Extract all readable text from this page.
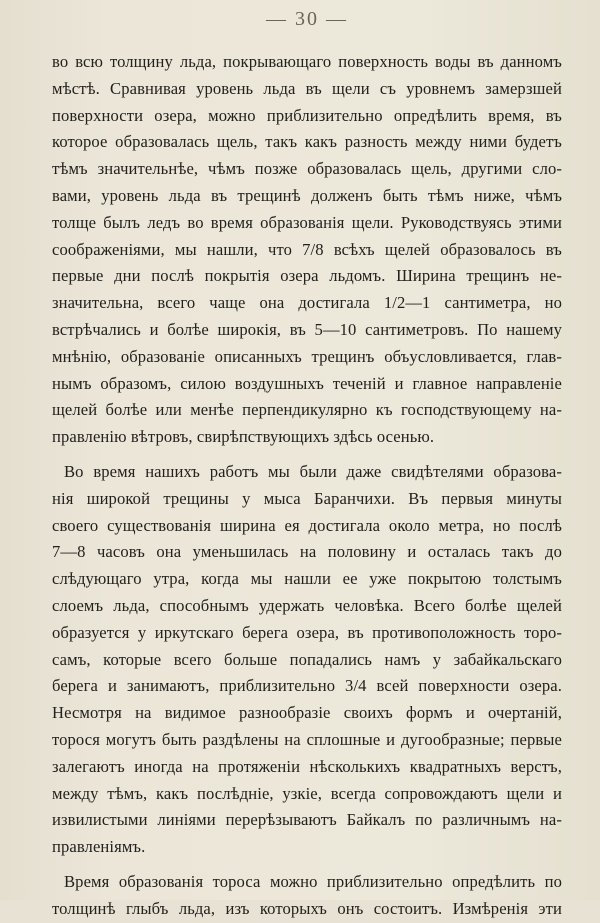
— 30 —
во всю толщину льда, покрывающаго поверхность воды въ данномъ
мѣстѣ. Сравнивая уровень льда въ щели съ уровнемъ замерзшей
поверхности озера, можно приблизительно опредѣлить время, въ
которое образовалась щель, такъ какъ разность между ними будетъ
тѣмъ значительнѣе, чѣмъ позже образовалась щель, другими сло-
вами, уровень льда въ трещинѣ долженъ быть тѣмъ ниже, чѣмъ
толще былъ ледъ во время образованія щели. Руководствуясь этими
соображеніями, мы нашли, что 7/8 всѣхъ щелей образовалось въ
первые дни послѣ покрытія озера льдомъ. Ширина трещинъ не-
значительна, всего чаще она достигала 1/2—1 сантиметра, но
встрѣчались и болѣе широкія, въ 5—10 сантиметровъ. По нашему
мнѣнію, образованіе описанныхъ трещинъ объусловливается, глав-
нымъ образомъ, силою воздушныхъ теченій и главное направленіе
щелей болѣе или менѣе перпендикулярно къ господствующему на-
правленію вѣтровъ, свирѣпствующихъ здѣсь осенью.
Во время нашихъ работъ мы были даже свидѣтелями образова-
нія широкой трещины у мыса Баранчихи. Въ первыя минуты
своего существованія ширина ея достигала около метра, но послѣ
7—8 часовъ она уменьшилась на половину и осталась такъ до
слѣдующаго утра, когда мы нашли ее уже покрытою толстымъ
слоемъ льда, способнымъ удержать человѣка. Всего болѣе щелей
образуется у иркутскаго берега озера, въ противоположность торо-
самъ, которые всего больше попадались намъ у забайкальскаго
берега и занимаютъ, приблизительно 3/4 всей поверхности озера.
Несмотря на видимое разнообразіе своихъ формъ и очертаній,
торося могутъ быть раздѣлены на сплошные и дугообразные; первые
залегаютъ иногда на протяженіи нѣсколькихъ квадратныхъ верстъ,
между тѣмъ, какъ послѣдніе, узкіе, всегда сопровождаютъ щели и
извилистыми линіями перерѣзываютъ Байкалъ по различнымъ на-
правленіямъ.
Время образованія тороса можно приблизительно опредѣлить по
толщинѣ глыбъ льда, изъ которыхъ онъ состоитъ. Измѣренія эти
